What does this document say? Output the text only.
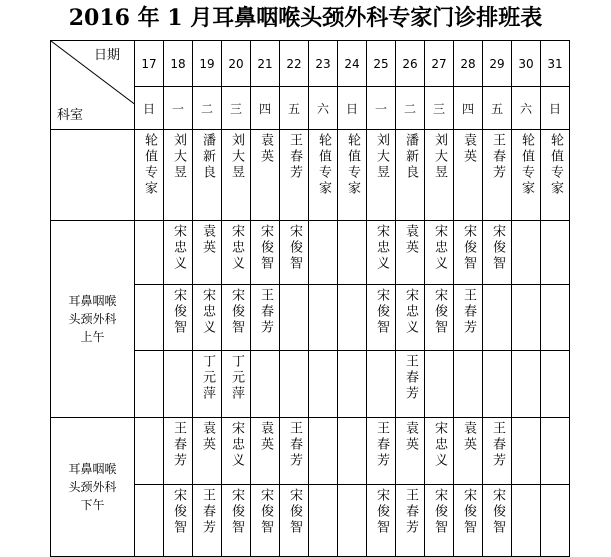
2016 年 1 月耳鼻咽喉头颈外科专家门诊排班表
日期
科室	17	18	19	20	21	22	23	24	25	26	27	28	29	30	31
	日	一	二	三	四	五	六	日	一	二	三	四	五	六	日
	轮值专家	刘大昱	潘新良	刘大昱	袁英	王春芳	轮值专家	轮值专家	刘大昱	潘新良	刘大昱	袁英	王春芳	轮值专家	轮值专家

耳鼻咽喉
头颈外科
上午		宋忠义	袁英	宋忠义	宋俊智	宋俊智			宋忠义	袁英	宋忠义	宋俊智	宋俊智		
		宋俊智	宋忠义	宋俊智	王春芳				宋俊智	宋忠义	宋俊智	王春芳			
			丁元萍	丁元萍						王春芳					

耳鼻咽喉
头颈外科
下午		王春芳	袁英	宋忠义	袁英	王春芳			王春芳	袁英	宋忠义	袁英	王春芳		
		宋俊智	王春芳	宋俊智	宋俊智	宋俊智			宋俊智	王春芳	宋俊智	宋俊智	宋俊智		
